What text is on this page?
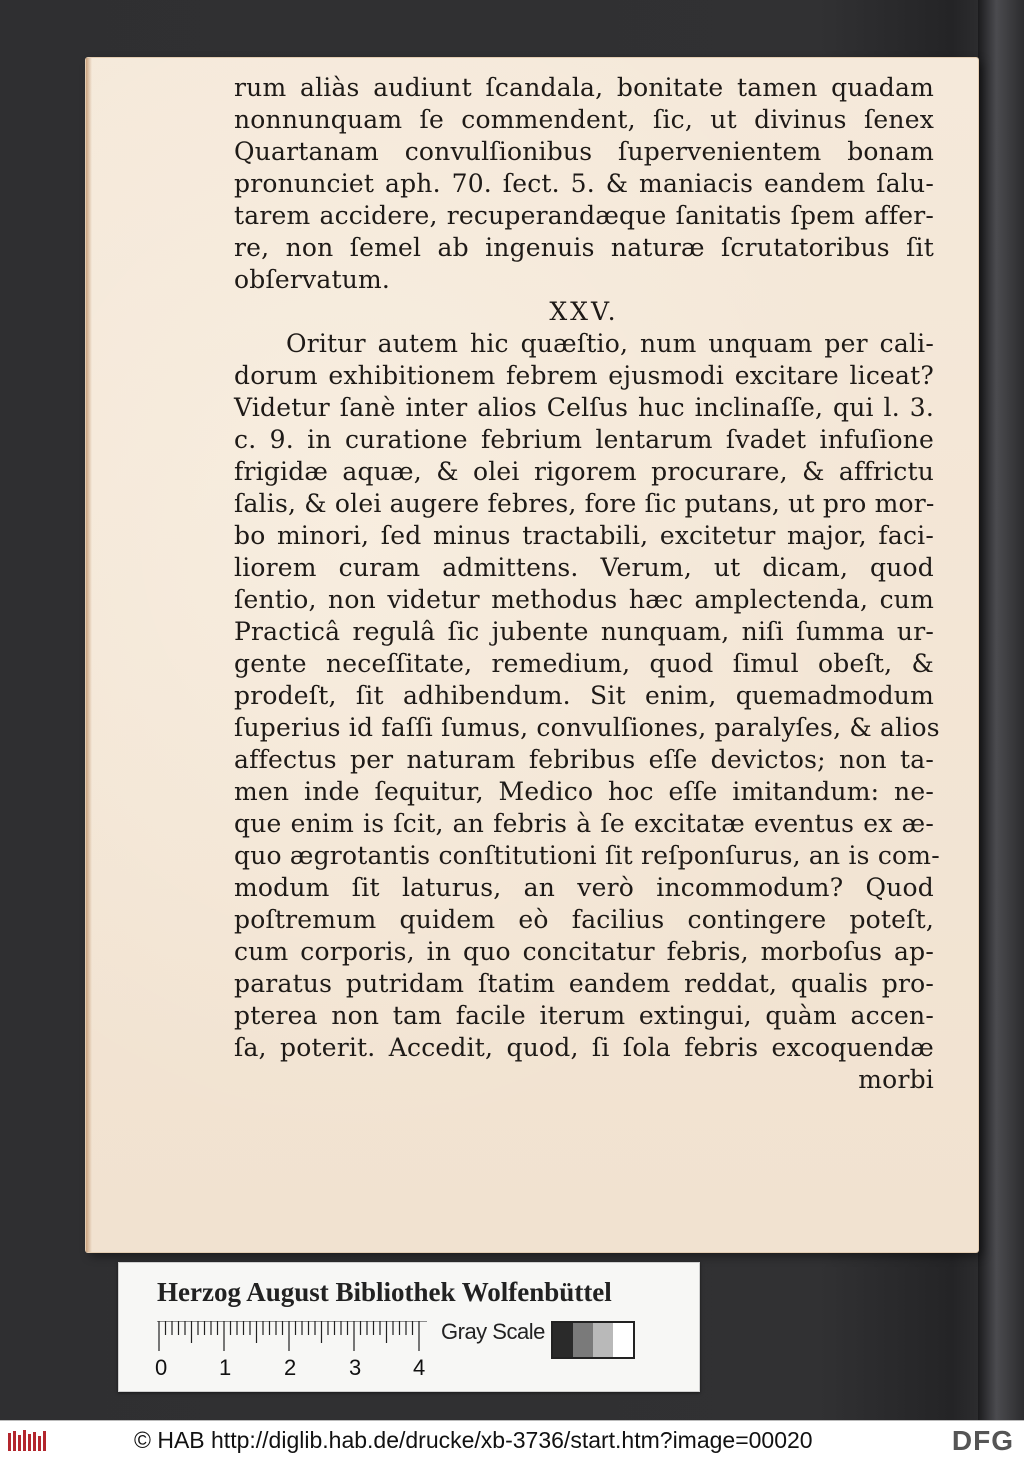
rum aliàs audiunt ſcandala, bonitate tamen quadam
nonnunquam ſe commendent, ſic, ut divinus ſenex
Quartanam convulſionibus ſupervenientem bonam
pronunciet aph. 70. ſect. 5. & maniacis eandem ſalu-
tarem accidere, recuperandæque ſanitatis ſpem affer-
re, non ſemel ab ingenuis naturæ ſcrutatoribus ſit
obſervatum.
XXV.
Oritur autem hic quæſtio, num unquam per cali-
dorum exhibitionem febrem ejusmodi excitare liceat?
Videtur ſanè inter alios Celſus huc inclinaſſe, qui l. 3.
c. 9. in curatione febrium lentarum ſvadet infuſione
frigidæ aquæ, & olei rigorem procurare, & affrictu
ſalis, & olei augere febres, fore ſic putans, ut pro mor-
bo minori, ſed minus tractabili, excitetur major, faci-
liorem curam admittens. Verum, ut dicam, quod
ſentio, non videtur methodus hæc amplectenda, cum
Practicâ regulâ ſic jubente nunquam, niſi ſumma ur-
gente neceſſitate, remedium, quod ſimul obeſt, &
prodeſt, ſit adhibendum. Sit enim, quemadmodum
ſuperius id faſſi ſumus, convulſiones, paralyſes, & alios
affectus per naturam febribus eſſe devictos; non ta-
men inde ſequitur, Medico hoc eſſe imitandum: ne-
que enim is ſcit, an febris à ſe excitatæ eventus ex æ-
quo ægrotantis conſtitutioni ſit reſponſurus, an is com-
modum ſit laturus, an verò incommodum? Quod
poſtremum quidem eò facilius contingere poteſt,
cum corporis, in quo concitatur febris, morboſus ap-
paratus putridam ſtatim eandem reddat, qualis pro-
pterea non tam facile iterum extingui, quàm accen-
ſa, poterit. Accedit, quod, ſi ſola febris excoquendæ
morbi
Herzog August Bibliothek Wolfenbüttel
0 1 2 3 4
Gray Scale
© HAB http://diglib.hab.de/drucke/xb-3736/start.htm?image=00020	DFG
